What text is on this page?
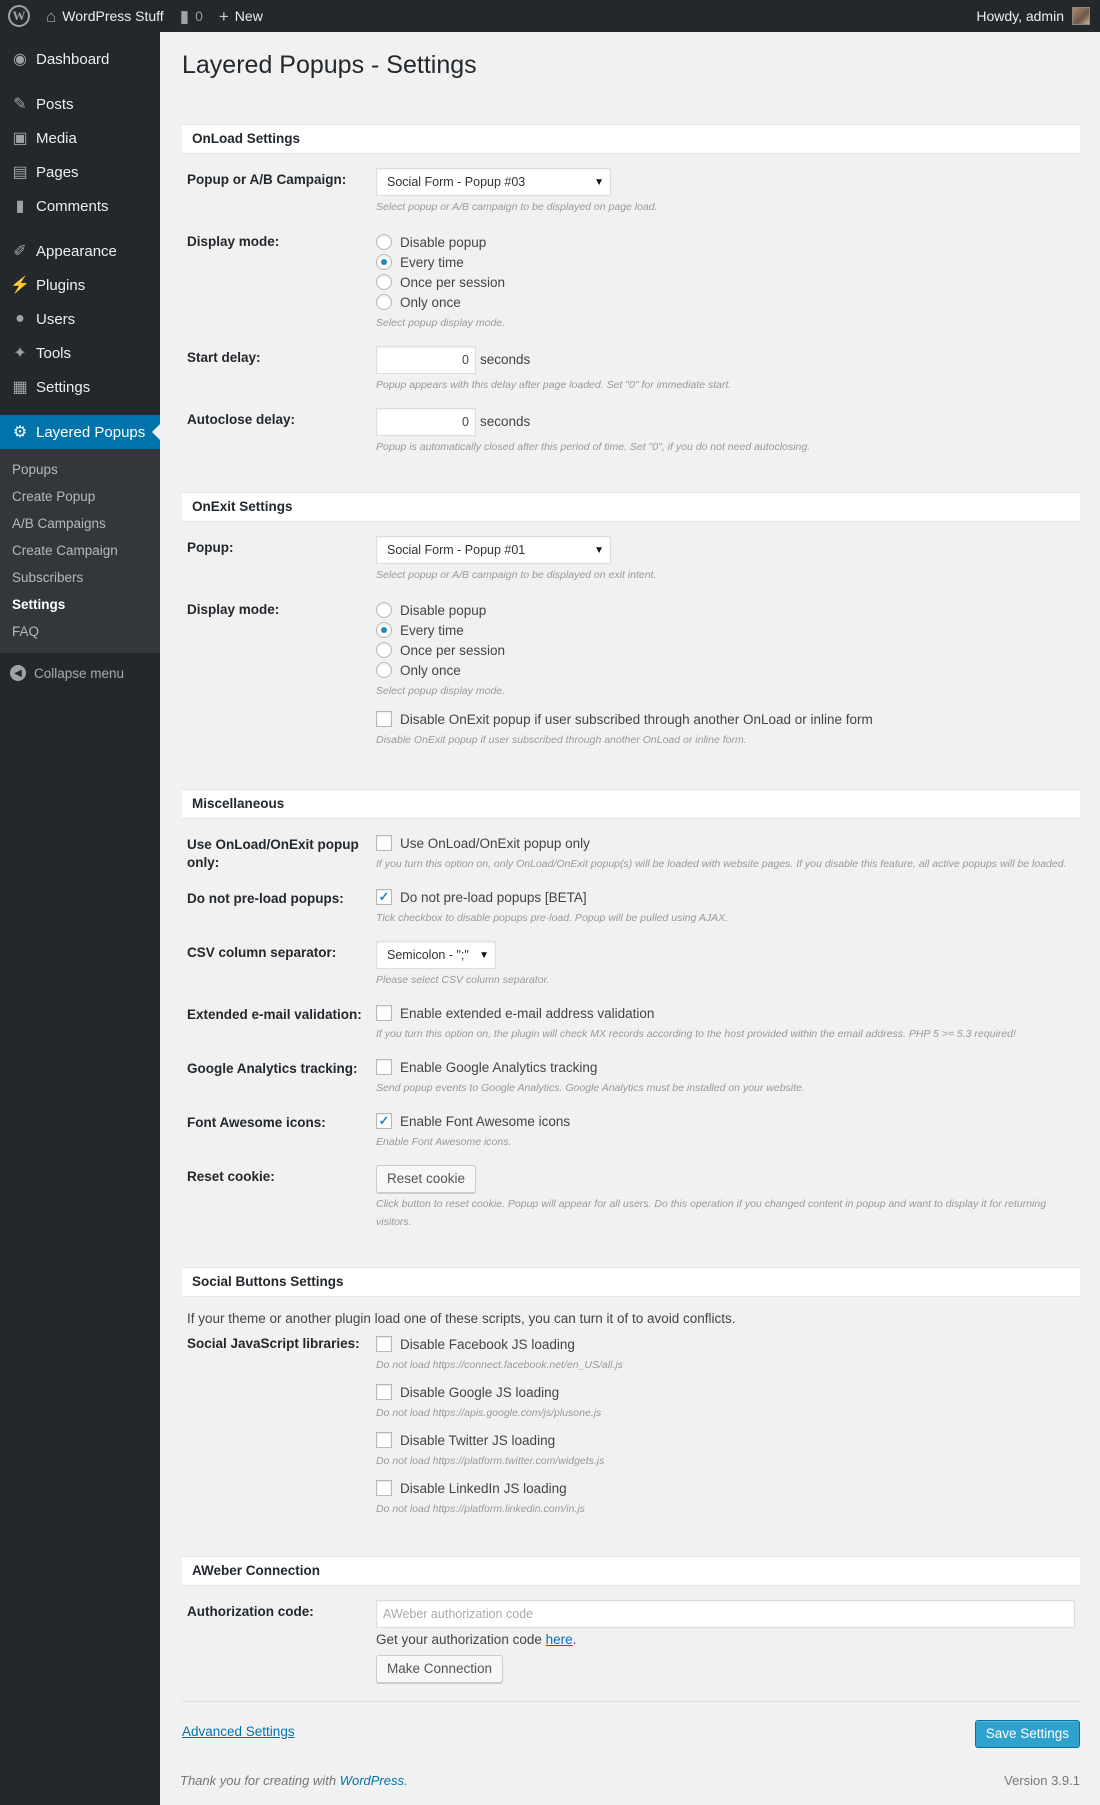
W ⌂ WordPress Stuff ▮ 0 + New	Howdy, admin
◉ Dashboard
✎ Posts
▣ Media
▤ Pages
▮ Comments
✐ Appearance
⚡ Plugins
● Users
✦ Tools
▦ Settings
⚙ Layered Popups
Popups
Create Popup
A/B Campaigns
Create Campaign
Subscribers
Settings
FAQ
◀ Collapse menu
Layered Popups - Settings
OnLoad Settings
Popup or A/B Campaign:	Social Form - Popup #03	▼
Select popup or A/B campaign to be displayed on page load.
Display mode:	Disable popup
Every time
Once per session
Only once
Select popup display mode.
Start delay:	0 seconds
Popup appears with this delay after page loaded. Set "0" for immediate start.
Autoclose delay:	0 seconds
Popup is automatically closed after this period of time. Set "0", if you do not need autoclosing.
OnExit Settings
Popup:	Social Form - Popup #01	▼
Select popup or A/B campaign to be displayed on exit intent.
Display mode:	Disable popup
Every time
Once per session
Only once
Select popup display mode.
Disable OnExit popup if user subscribed through another OnLoad or inline form
Disable OnExit popup if user subscribed through another OnLoad or inline form.
Miscellaneous
Use OnLoad/OnExit popup only:
Use OnLoad/OnExit popup only
If you turn this option on, only OnLoad/OnExit popup(s) will be loaded with website pages. If you disable this feature, all active popups will be loaded.
Do not pre-load popups:	✓ Do not pre-load popups [BETA]
Tick checkbox to disable popups pre-load. Popup will be pulled using AJAX.
CSV column separator:	Semicolon - ";" ▼
Please select CSV column separator.
Extended e-mail validation:	Enable extended e-mail address validation
If you turn this option on, the plugin will check MX records according to the host provided within the email address. PHP 5 >= 5.3 required!
Google Analytics tracking:	Enable Google Analytics tracking
Send popup events to Google Analytics. Google Analytics must be installed on your website.
Font Awesome icons:	✓ Enable Font Awesome icons
Enable Font Awesome icons.
Reset cookie:	Reset cookie
Click button to reset cookie. Popup will appear for all users. Do this operation if you changed content in popup and want to display it for returning visitors.
Social Buttons Settings
If your theme or another plugin load one of these scripts, you can turn it of to avoid conflicts.
Social JavaScript libraries:	Disable Facebook JS loading
Do not load https://connect.facebook.net/en_US/all.js
Disable Google JS loading
Do not load https://apis.google.com/js/plusone.js
Disable Twitter JS loading
Do not load https://platform.twitter.com/widgets.js
Disable LinkedIn JS loading
Do not load https://platform.linkedin.com/in.js
AWeber Connection
Authorization code:	AWeber authorization code
Get your authorization code here.
Make Connection
Advanced Settings	Save Settings
Thank you for creating with WordPress.	Version 3.9.1
